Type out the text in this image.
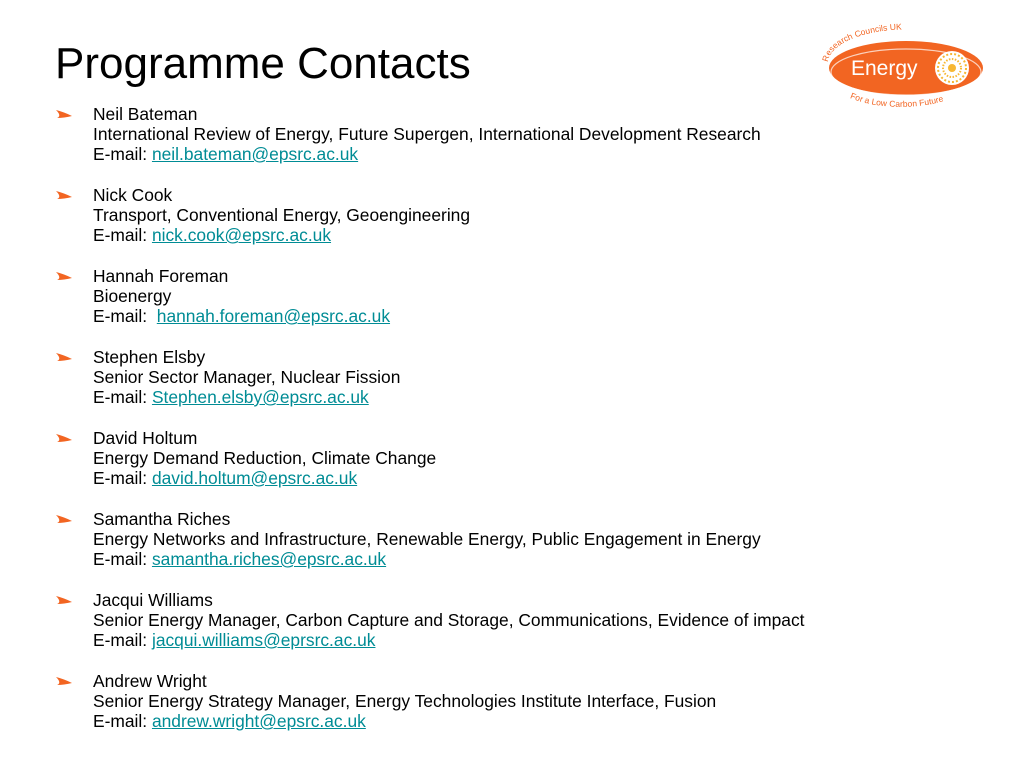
Programme Contacts	Research Councils UK
Energy
For a Low Carbon Future
Neil Bateman
International Review of Energy, Future Supergen, International Development Research
E-mail: neil.bateman@epsrc.ac.uk
Nick Cook
Transport, Conventional Energy, Geoengineering
E-mail: nick.cook@epsrc.ac.uk
Hannah Foreman
Bioenergy
E-mail:  hannah.foreman@epsrc.ac.uk
Stephen Elsby
Senior Sector Manager, Nuclear Fission
E-mail: Stephen.elsby@epsrc.ac.uk
David Holtum
Energy Demand Reduction, Climate Change
E-mail: david.holtum@epsrc.ac.uk
Samantha Riches
Energy Networks and Infrastructure, Renewable Energy, Public Engagement in Energy
E-mail: samantha.riches@epsrc.ac.uk
Jacqui Williams
Senior Energy Manager, Carbon Capture and Storage, Communications, Evidence of impact
E-mail: jacqui.williams@eprsrc.ac.uk
Andrew Wright
Senior Energy Strategy Manager, Energy Technologies Institute Interface, Fusion
E-mail: andrew.wright@epsrc.ac.uk
